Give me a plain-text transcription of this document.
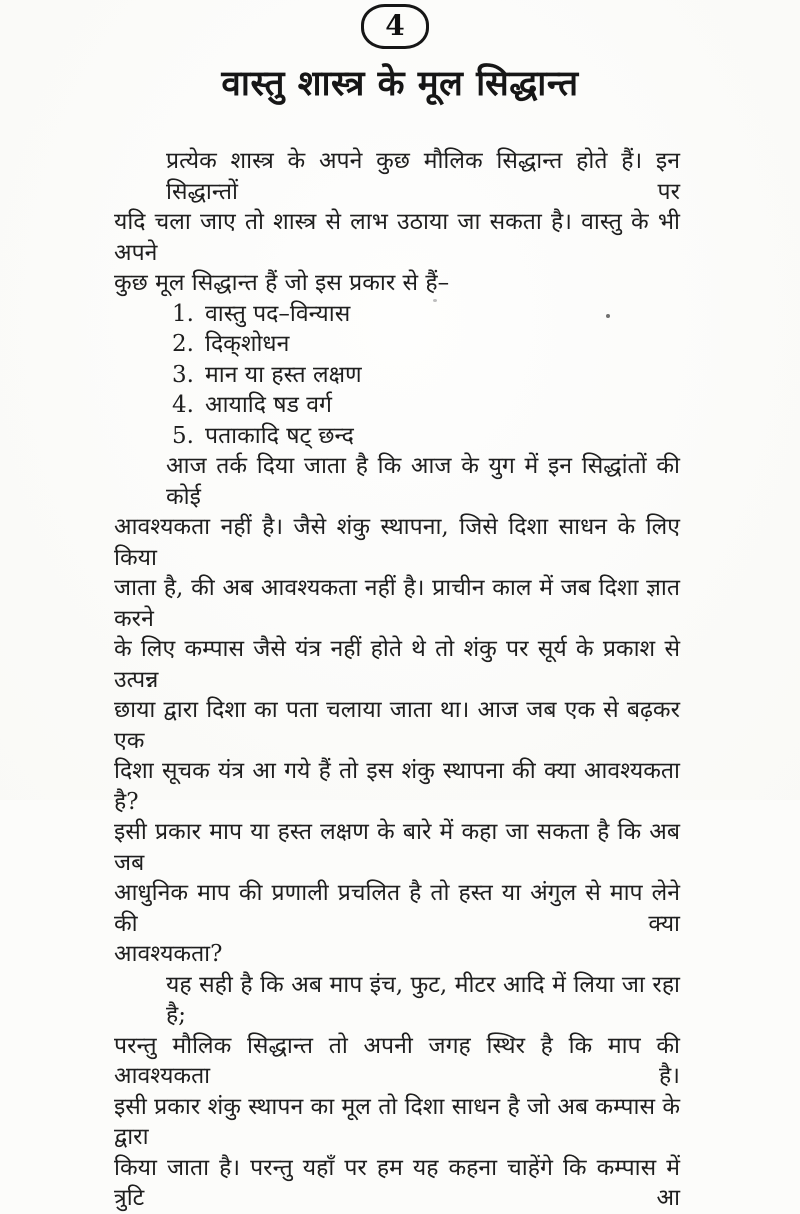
4
वास्तु शास्त्र के मूल सिद्धान्त
प्रत्येक शास्त्र के अपने कुछ मौलिक सिद्धान्त होते हैं। इन सिद्धान्तों पर
यदि चला जाए तो शास्त्र से लाभ उठाया जा सकता है। वास्तु के भी अपने
कुछ मूल सिद्धान्त हैं जो इस प्रकार से हैं–
1. वास्तु पद–विन्यास
2. दिक्‌शोधन
3. मान या हस्त लक्षण
4. आयादि षड वर्ग
5. पताकादि षट् छन्द
आज तर्क दिया जाता है कि आज के युग में इन सिद्धांतों की कोई
आवश्यकता नहीं है। जैसे शंकु स्थापना, जिसे दिशा साधन के लिए किया
जाता है, की अब आवश्यकता नहीं है। प्राचीन काल में जब दिशा ज्ञात करने
के लिए कम्पास जैसे यंत्र नहीं होते थे तो शंकु पर सूर्य के प्रकाश से उत्पन्न
छाया द्वारा दिशा का पता चलाया जाता था। आज जब एक से बढ़कर एक
दिशा सूचक यंत्र आ गये हैं तो इस शंकु स्थापना की क्या आवश्यकता है?
इसी प्रकार माप या हस्त लक्षण के बारे में कहा जा सकता है कि अब जब
आधुनिक माप की प्रणाली प्रचलित है तो हस्त या अंगुल से माप लेने की क्या
आवश्यकता?
यह सही है कि अब माप इंच, फुट, मीटर आदि में लिया जा रहा है;
परन्तु मौलिक सिद्धान्त तो अपनी जगह स्थिर है कि माप की आवश्यकता है।
इसी प्रकार शंकु स्थापन का मूल तो दिशा साधन है जो अब कम्पास के द्वारा
किया जाता है। परन्तु यहाँ पर हम यह कहना चाहेंगे कि कम्पास में त्रुटि आ
